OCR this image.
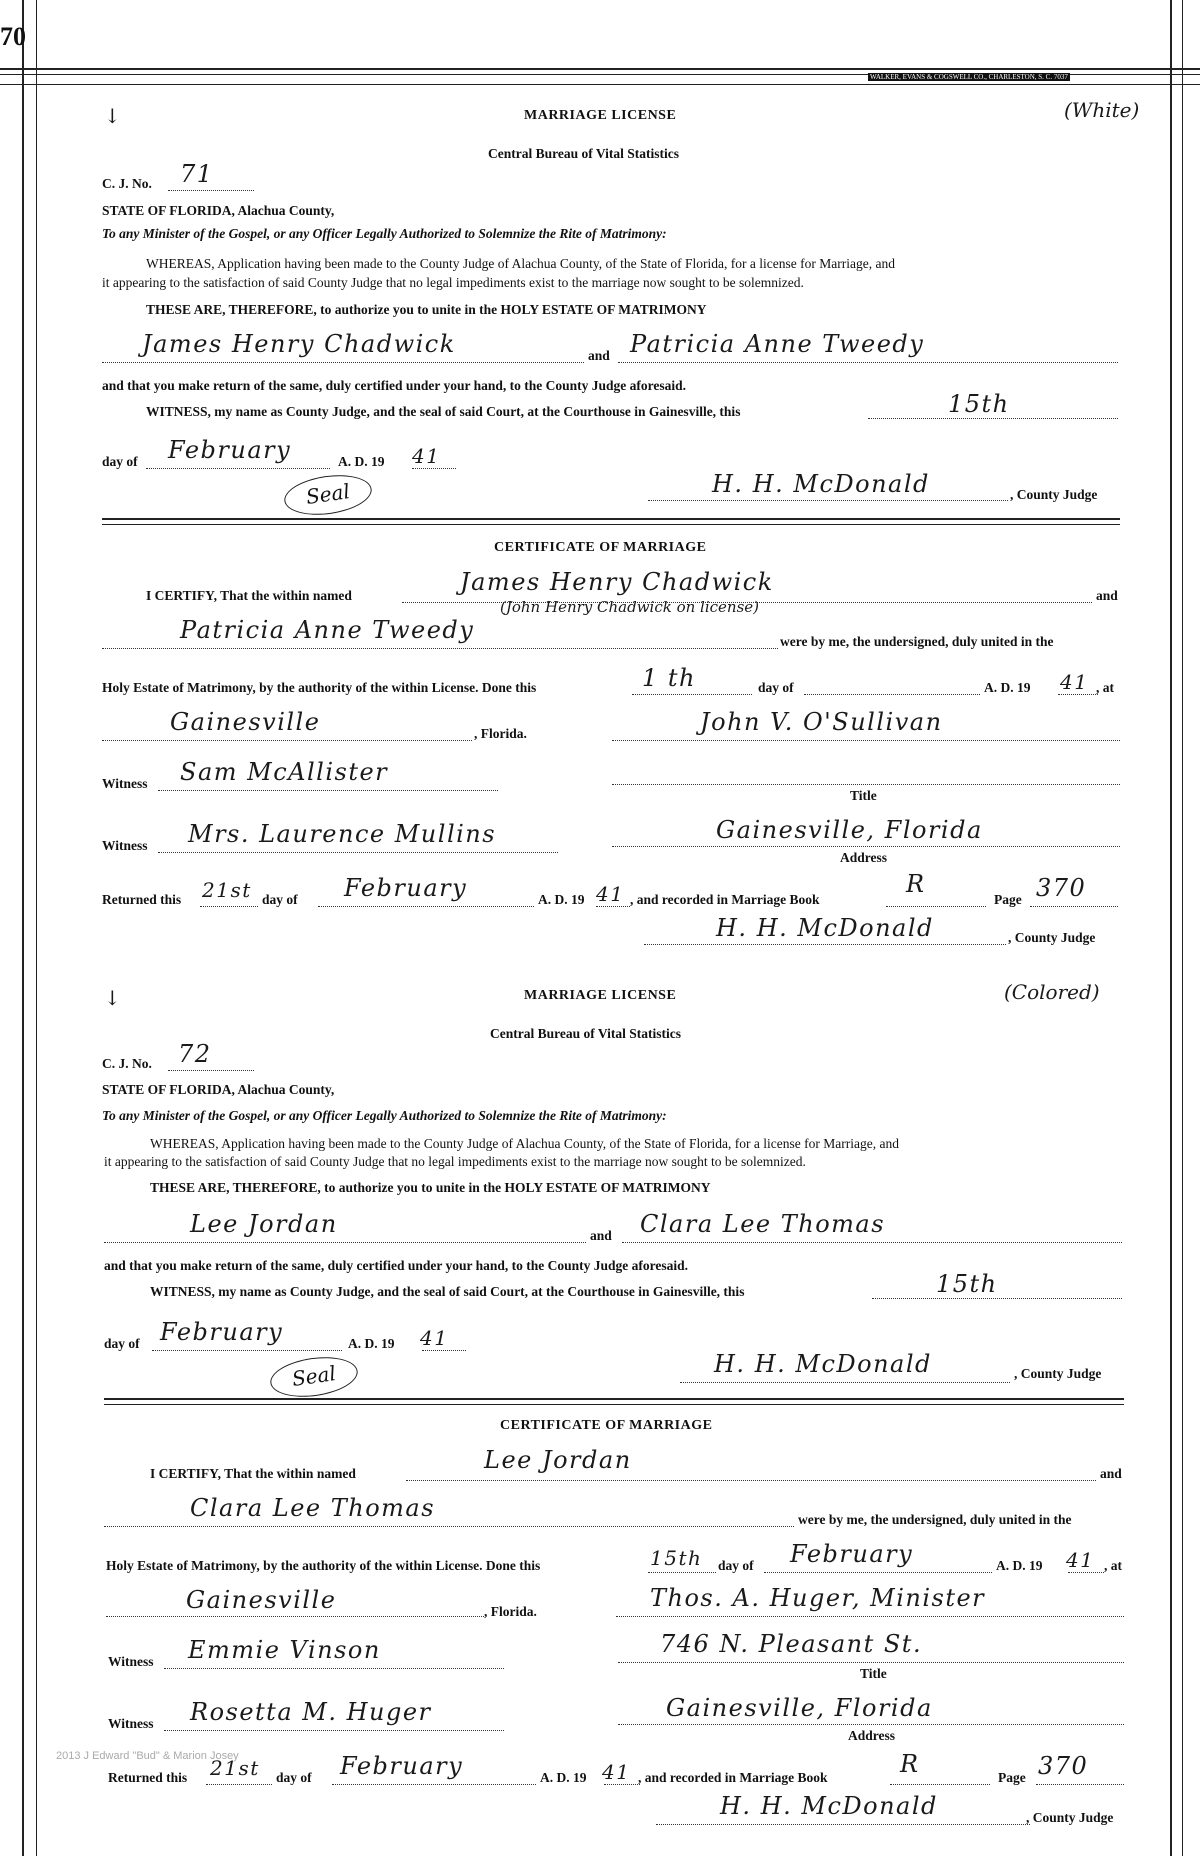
70
WALKER, EVANS & COGSWELL CO., CHARLESTON, S. C. 7037
↓	MARRIAGE LICENSE	(White)
Central Bureau of Vital Statistics
C. J. No. 71
STATE OF FLORIDA, Alachua County,
To any Minister of the Gospel, or any Officer Legally Authorized to Solemnize the Rite of Matrimony:
WHEREAS, Application having been made to the County Judge of Alachua County, of the State of Florida, for a license for Marriage, and
it appearing to the satisfaction of said County Judge that no legal impediments exist to the marriage now sought to be solemnized.
THESE ARE, THEREFORE, to authorize you to unite in the HOLY ESTATE OF MATRIMONY
James Henry Chadwick	and Patricia Anne Tweedy
and that you make return of the same, duly certified under your hand, to the County Judge aforesaid.
WITNESS, my name as County Judge, and the seal of said Court, at the Courthouse in Gainesville, this	15th
day of February	A. D. 19 41
Seal	H. H. McDonald	, County Judge
CERTIFICATE OF MARRIAGE
I CERTIFY, That the within named	James Henry Chadwick
(John Henry Chadwick on license)
and
Patricia Anne Tweedy	were by me, the undersigned, duly united in the
Holy Estate of Matrimony, by the authority of the within License. Done this	1 th	day of	A. D. 19 41 , at
Gainesville	, Florida.	John V. O'Sullivan
Witness Sam McAllister
Title
Witness Mrs. Laurence Mullins	Gainesville, Florida
Address
Returned this 21st day of February	A. D. 19 41 , and recorded in Marriage Book
R
Page 370
H. H. McDonald	, County Judge
↓	MARRIAGE LICENSE	(Colored)
Central Bureau of Vital Statistics
C. J. No. 72
STATE OF FLORIDA, Alachua County,
To any Minister of the Gospel, or any Officer Legally Authorized to Solemnize the Rite of Matrimony:
WHEREAS, Application having been made to the County Judge of Alachua County, of the State of Florida, for a license for Marriage, and
it appearing to the satisfaction of said County Judge that no legal impediments exist to the marriage now sought to be solemnized.
THESE ARE, THEREFORE, to authorize you to unite in the HOLY ESTATE OF MATRIMONY
Lee Jordan	and Clara Lee Thomas
and that you make return of the same, duly certified under your hand, to the County Judge aforesaid.
WITNESS, my name as County Judge, and the seal of said Court, at the Courthouse in Gainesville, this	15th
day of February	A. D. 19 41
Seal	H. H. McDonald	, County Judge
CERTIFICATE OF MARRIAGE
I CERTIFY, That the within named	Lee Jordan	and
Clara Lee Thomas	were by me, the undersigned, duly united in the
Holy Estate of Matrimony, by the authority of the within License. Done this	15th day of February	A. D. 19 41 , at
Gainesville	, Florida.	Thos. A. Huger, Minister
Witness Emmie Vinson	746 N. Pleasant St.
Title
Witness Rosetta M. Huger	Gainesville, Florida
Address
2013 J Edward "Bud" & Marion Josey
Returned this 21st day of February	A. D. 19 41 , and recorded in Marriage Book	R	Page 370
H. H. McDonald	, County Judge
